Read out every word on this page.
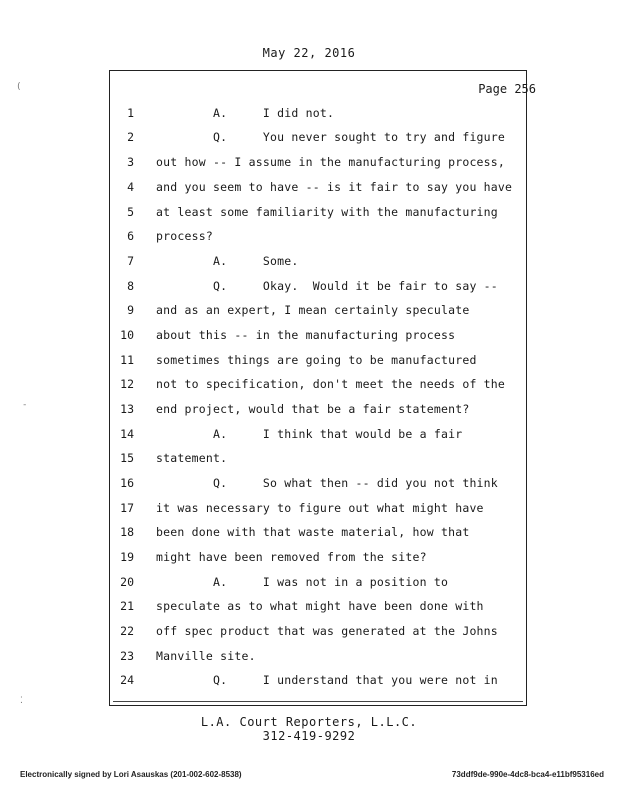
May 22, 2016
Page 256
1 A.     I did not.
2 Q.     You never sought to try and figure
3 out how -- I assume in the manufacturing process,
4 and you seem to have -- is it fair to say you have
5 at least some familiarity with the manufacturing
6 process?
7 A.     Some.
8 Q.     Okay.  Would it be fair to say --
9 and as an expert, I mean certainly speculate
10 about this -- in the manufacturing process
11 sometimes things are going to be manufactured
12 not to specification, don't meet the needs of the
13 end project, would that be a fair statement?
14 A.     I think that would be a fair
15 statement.
16 Q.     So what then -- did you not think
17 it was necessary to figure out what might have
18 been done with that waste material, how that
19 might have been removed from the site?
20 A.     I was not in a position to
21 speculate as to what might have been done with
22 off spec product that was generated at the Johns
23 Manville site.
24 Q.     I understand that you were not in
L.A. Court Reporters, L.L.C.
312-419-9292
Electronically signed by Lori Asauskas (201-002-602-8538)	73ddf9de-990e-4dc8-bca4-e11bf95316ed
(
-
⁚
